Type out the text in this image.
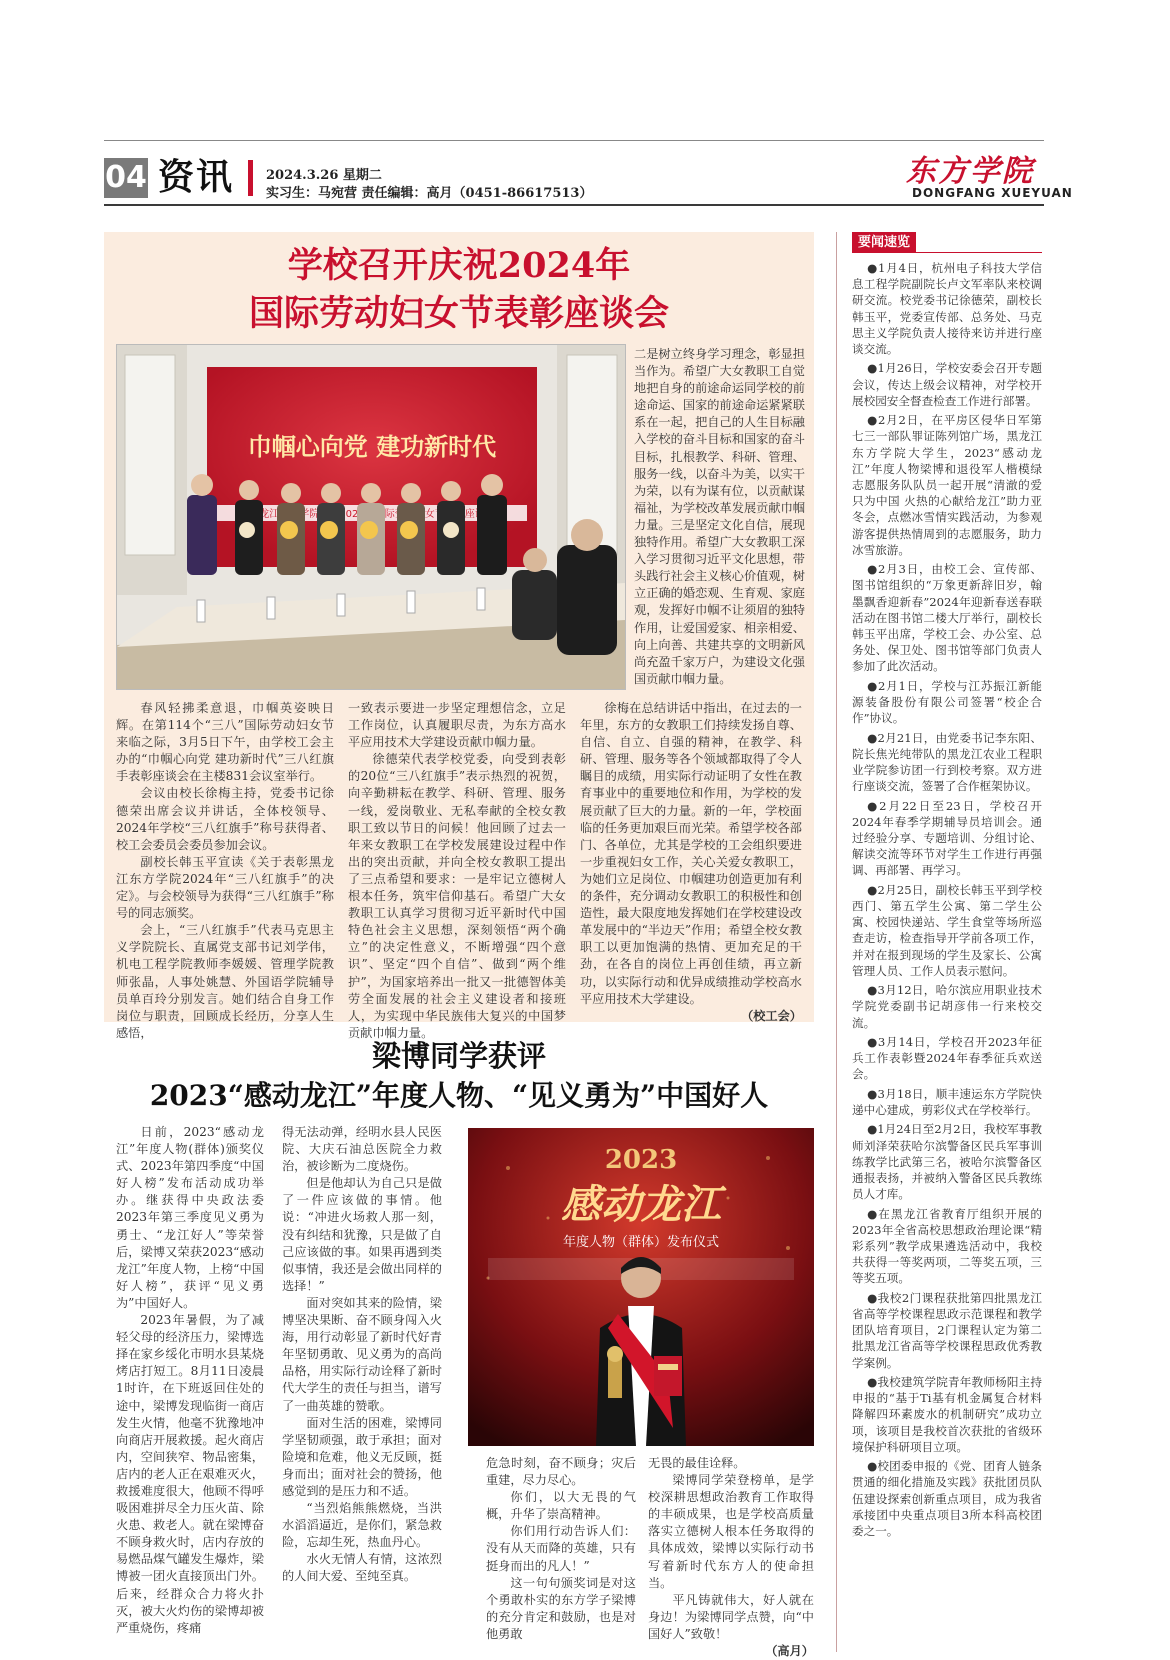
04 资讯 2024.3.26 星期二
实习生：马宛营 责任编辑：高月（0451-86617513）
东方学院
DONGFANG XUEYUAN
学校召开庆祝2024年
国际劳动妇女节表彰座谈会
巾帼心向党 建功新时代

二是树立终身学习理念，彰显担当作为。希望广大女教职工自觉地把自身的前途命运同学校的前途命运、国家的前途命运紧紧联系在一起，把自己的人生目标融入学校的奋斗目标和国家的奋斗目标，扎根教学、科研、管理、服务一线，以奋斗为美，以实干为荣，以有为谋有位，以贡献谋福祉，为学校改革发展贡献巾帼力量。三是坚定文化自信，展现独特作用。希望广大女教职工深入学习贯彻习近平文化思想，带头践行社会主义核心价值观，树立正确的婚恋观、生育观、家庭观，发挥好巾帼不让须眉的独特作用，让爱国爱家、相亲相爱、向上向善、共建共享的文明新风尚充盈千家万户，为建设文化强国贡献巾帼力量。

春风轻拂柔意退，巾帼英姿映日辉。在第114个“三八”国际劳动妇女节来临之际，3月5日下午，由学校工会主办的“巾帼心向党 建功新时代”三八红旗手表彰座谈会在主楼831会议室举行。

会议由校长徐梅主持，党委书记徐德荣出席会议并讲话，全体校领导、2024年学校“三八红旗手”称号获得者、校工会委员会委员参加会议。

副校长韩玉平宣读《关于表彰黑龙江东方学院2024年“三八红旗手”的决定》。与会校领导为获得“三八红旗手”称号的同志颁奖。

会上，“三八红旗手”代表马克思主义学院院长、直属党支部书记刘学伟，机电工程学院教师李媛媛、管理学院教师张晶，人事处姚慧、外国语学院辅导员单百玲分别发言。她们结合自身工作岗位与职责，回顾成长经历，分享人生感悟，

一致表示要进一步坚定理想信念，立足工作岗位，认真履职尽责，为东方高水平应用技术大学建设贡献巾帼力量。

徐德荣代表学校党委，向受到表彰的20位“三八红旗手”表示热烈的祝贺，向辛勤耕耘在教学、科研、管理、服务一线，爱岗敬业、无私奉献的全校女教职工致以节日的问候！他回顾了过去一年来女教职工在学校发展建设过程中作出的突出贡献，并向全校女教职工提出了三点希望和要求：一是牢记立德树人根本任务，筑牢信仰基石。希望广大女教职工认真学习贯彻习近平新时代中国特色社会主义思想，深刻领悟“两个确立”的决定性意义，不断增强“四个意识”、坚定“四个自信”、做到“两个维护”，为国家培养出一批又一批德智体美劳全面发展的社会主义建设者和接班人，为实现中华民族伟大复兴的中国梦贡献巾帼力量。

徐梅在总结讲话中指出，在过去的一年里，东方的女教职工们持续发扬自尊、自信、自立、自强的精神，在教学、科研、管理、服务等各个领域都取得了令人瞩目的成绩，用实际行动证明了女性在教育事业中的重要地位和作用，为学校的发展贡献了巨大的力量。新的一年，学校面临的任务更加艰巨而光荣。希望学校各部门、各单位，尤其是学校的工会组织要进一步重视妇女工作，关心关爱女教职工，为她们立足岗位、巾帼建功创造更加有利的条件，充分调动女教职工的积极性和创造性，最大限度地发挥她们在学校建设改革发展中的“半边天”作用；希望全校女教职工以更加饱满的热情、更加充足的干劲，在各自的岗位上再创佳绩，再立新功，以实际行动和优异成绩推动学校高水平应用技术大学建设。

（校工会）
梁博同学获评
2023“感动龙江”年度人物、“见义勇为”中国好人

日前，2023“感动龙江”年度人物(群体)颁奖仪式、2023年第四季度“中国好人榜”发布活动成功举办。继获得中央政法委2023年第三季度见义勇为勇士、“龙江好人”等荣誉后，梁博又荣获2023“感动龙江”年度人物，上榜“中国好人榜”，获评“见义勇为”中国好人。

2023年暑假，为了减轻父母的经济压力，梁博选择在家乡绥化市明水县某烧烤店打短工。8月11日凌晨1时许，在下班返回住处的途中，梁博发现临街一商店发生火情，他毫不犹豫地冲向商店开展救援。起火商店内，空间狭窄、物品密集，店内的老人正在艰难灭火，救援难度很大，他顾不得呼吸困难拼尽全力压火苗、除火患、救老人。就在梁博奋不顾身救火时，店内存放的易燃品煤气罐发生爆炸，梁博被一团火直接顶出门外。后来，经群众合力将火扑灭，被大火灼伤的梁博却被严重烧伤，疼痛

得无法动弹，经明水县人民医院、大庆石油总医院全力救治，被诊断为二度烧伤。

但是他却认为自己只是做了一件应该做的事情。他说：“冲进火场救人那一刻，没有纠结和犹豫，只是做了自己应该做的事。如果再遇到类似事情，我还是会做出同样的选择！”

面对突如其来的险情，梁博坚决果断、奋不顾身闯入火海，用行动彰显了新时代好青年坚韧勇敢、见义勇为的高尚品格，用实际行动诠释了新时代大学生的责任与担当，谱写了一曲英雄的赞歌。

面对生活的困难，梁博同学坚韧顽强，敢于承担；面对险境和危难，他义无反顾，挺身而出；面对社会的赞扬，他感觉到的是压力和不适。

“当烈焰熊熊燃烧，当洪水滔滔逼近，是你们，紧急救险，忘却生死，热血丹心。

水火无情人有情，这浓烈的人间大爱、至纯至真。

2023
感动龙江
年度人物（群体）发布仪式

危急时刻，奋不顾身；灾后重建，尽力尽心。

你们，以大无畏的气概，升华了崇高精神。

你们用行动告诉人们：没有从天而降的英雄，只有挺身而出的凡人！”

这一句句颁奖词是对这个勇敢朴实的东方学子梁博的充分肯定和鼓励，也是对他勇敢

无畏的最佳诠释。

梁博同学荣登榜单，是学校深耕思想政治教育工作取得的丰硕成果，也是学校高质量落实立德树人根本任务取得的具体成效，梁博以实际行动书写着新时代东方人的使命担当。

平凡铸就伟大，好人就在身边！为梁博同学点赞，向“中国好人”致敬！

（高月）
要闻速览

●1月4日，杭州电子科技大学信息工程学院副院长卢文军率队来校调研交流。校党委书记徐德荣，副校长韩玉平，党委宣传部、总务处、马克思主义学院负责人接待来访并进行座谈交流。

●1月26日，学校安委会召开专题会议，传达上级会议精神，对学校开展校园安全督查检查工作进行部署。

●2月2日，在平房区侵华日军第七三一部队罪证陈列馆广场，黑龙江东方学院大学生，2023“感动龙江”年度人物梁博和退役军人楷模绿志愿服务队队员一起开展“清澈的爱只为中国 火热的心献给龙江”助力亚冬会，点燃冰雪情实践活动，为参观游客提供热情周到的志愿服务，助力冰雪旅游。

●2月3日，由校工会、宣传部、图书馆组织的“万象更新辞旧岁，翰墨飘香迎新春”2024年迎新春送春联活动在图书馆二楼大厅举行，副校长韩玉平出席，学校工会、办公室、总务处、保卫处、图书馆等部门负责人参加了此次活动。

●2月1日，学校与江苏振江新能源装备股份有限公司签署“校企合作”协议。

●2月21日，由党委书记李东阳、院长焦光纯带队的黑龙江农业工程职业学院参访团一行到校考察。双方进行座谈交流，签署了合作框架协议。

●2月22日至23日，学校召开2024年春季学期辅导员培训会。通过经验分享、专题培训、分组讨论、解读交流等环节对学生工作进行再强调、再部署、再学习。

●2月25日，副校长韩玉平到学校西门、第五学生公寓、第二学生公寓、校园快递站、学生食堂等场所巡查走访，检查指导开学前各项工作，并对在报到现场的学生及家长、公寓管理人员、工作人员表示慰问。

●3月12日，哈尔滨应用职业技术学院党委副书记胡彦伟一行来校交流。

●3月14日，学校召开2023年征兵工作表彰暨2024年春季征兵欢送会。

●3月18日，顺丰速运东方学院快递中心建成，剪彩仪式在学校举行。

●1月24日至2月2日，我校军事教师刘泽荣获哈尔滨警备区民兵军事训练教学比武第三名，被哈尔滨警备区通报表扬，并被纳入警备区民兵教练员人才库。

●在黑龙江省教育厅组织开展的2023年全省高校思想政治理论课“精彩系列”教学成果遴选活动中，我校共获得一等奖两项，二等奖五项，三等奖五项。

●我校2门课程获批第四批黑龙江省高等学校课程思政示范课程和教学团队培育项目，2门课程认定为第二批黑龙江省高等学校课程思政优秀教学案例。

●我校建筑学院青年教师杨阳主持申报的“基于Ti基有机金属复合材料降解四环素废水的机制研究”成功立项，该项目是我校首次获批的省级环境保护科研项目立项。

●校团委申报的《党、团育人链条贯通的细化措施及实践》获批团员队伍建设探索创新重点项目，成为我省承接团中央重点项目3所本科高校团委之一。
